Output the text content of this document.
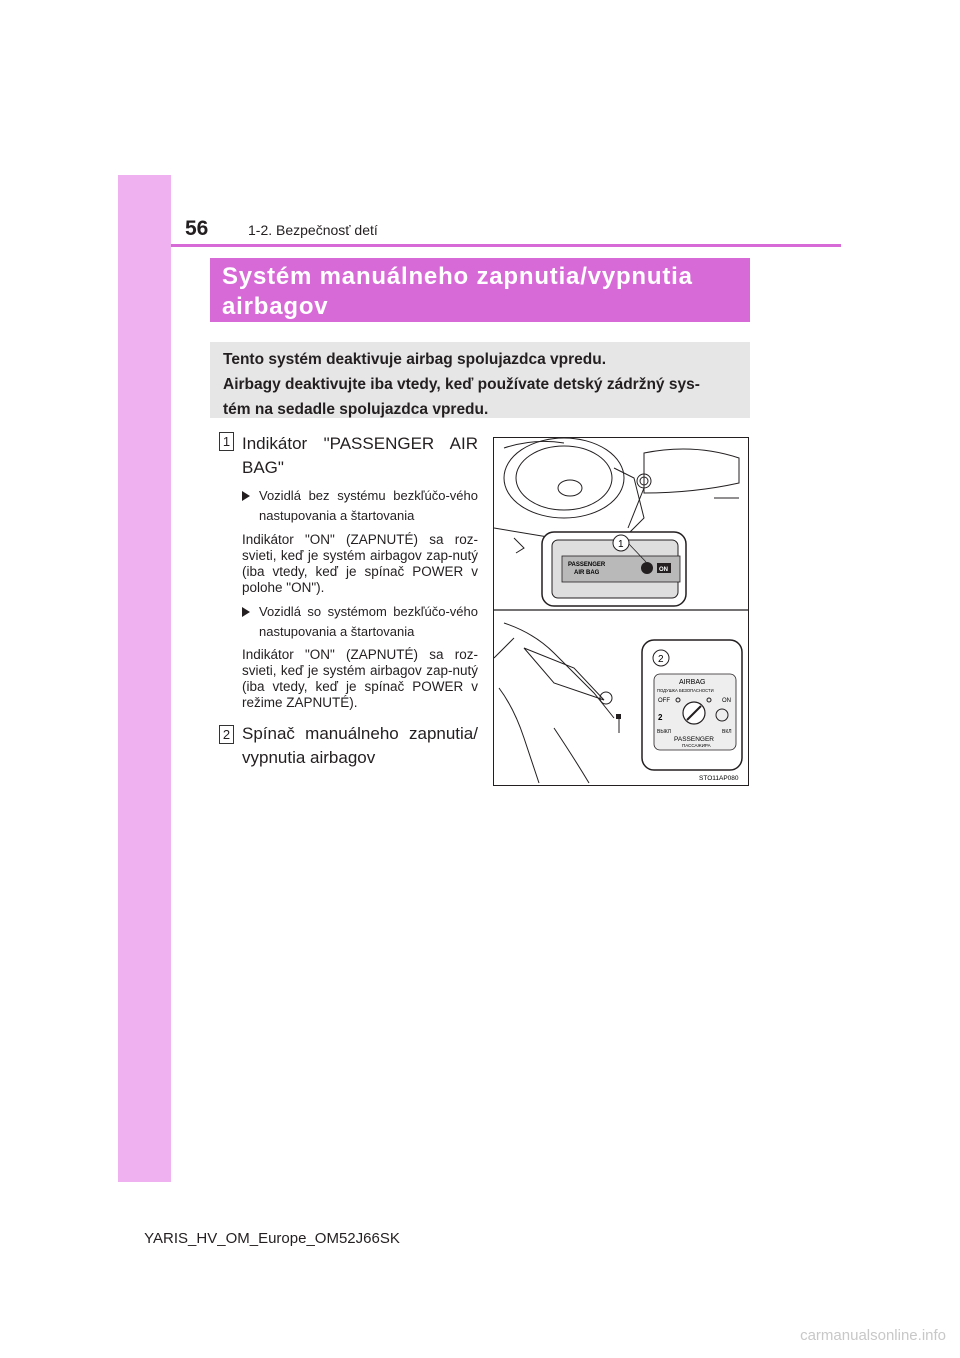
56	1-2. Bezpečnosť detí
Systém manuálneho zapnutia/vypnutia
airbagov
Tento systém deaktivuje airbag spolujazdca vpredu.
Airbagy deaktivujte iba vtedy, keď používate detský zádržný sys-
tém na sedadle spolujazdca vpredu.
1 Indikátor "PASSENGER AIR
BAG"
Vozidlá bez systému bezkľúčo-vého nastupovania a štartovania
Indikátor "ON" (ZAPNUTÉ) sa roz-svieti, keď je systém airbagov zap-nutý (iba vtedy, keď je spínač POWER v polohe "ON").
Vozidlá so systémom bezkľúčo-vého nastupovania a štartovania
Indikátor "ON" (ZAPNUTÉ) sa roz-svieti, keď je systém airbagov zap-nutý (iba vtedy, keď je spínač POWER v režime ZAPNUTÉ).
2 Spínač manuálneho zapnutia/
vypnutia airbagov
PASSENGER
AIR BAG	ON
1
2
AIRBAG
ПОДУШКА БЕЗОПАСНОСТИ
OFF	ON
2
ВЫКЛ	ВКЛ
PASSENGER
ПАССАЖИРА
STO11AP080
YARIS_HV_OM_Europe_OM52J66SK
carmanualsonline.info
